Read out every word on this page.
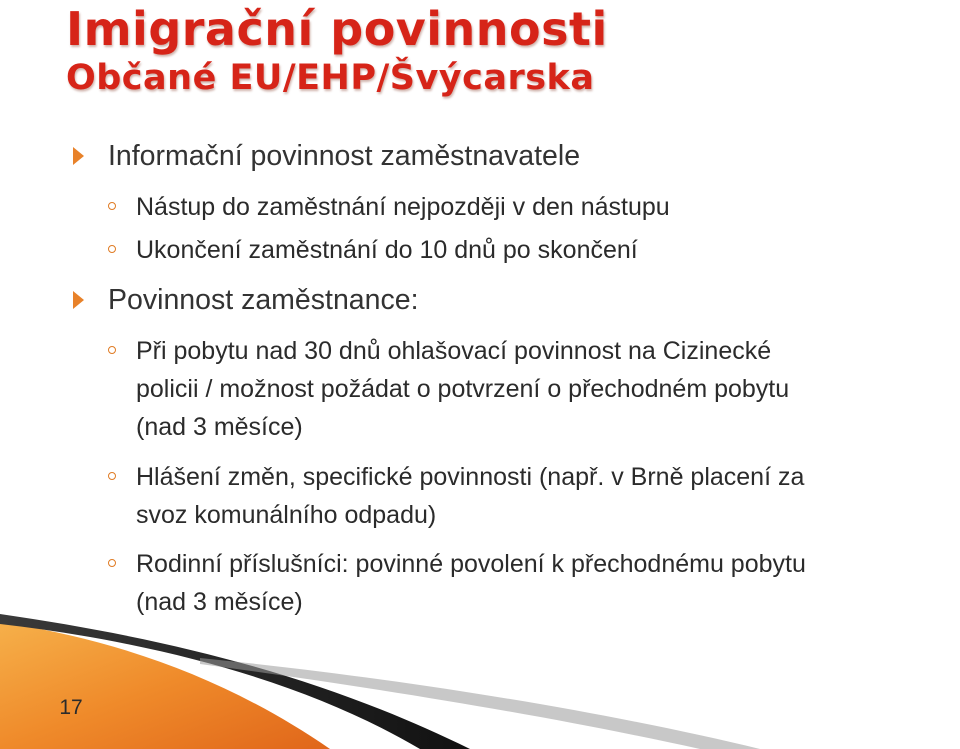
Imigrační povinnosti
Občané EU/EHP/Švýcarska
Informační povinnost zaměstnavatele
Nástup do zaměstnání nejpozději v den nástupu
Ukončení zaměstnání do 10 dnů po skončení
Povinnost zaměstnance:
Při pobytu nad 30 dnů ohlašovací povinnost na Cizinecké
policii / možnost požádat o potvrzení o přechodném pobytu
(nad 3 měsíce)
Hlášení změn, specifické povinnosti (např. v Brně placení za
svoz komunálního odpadu)
Rodinní příslušníci: povinné povolení k přechodnému pobytu
(nad 3 měsíce)
17
